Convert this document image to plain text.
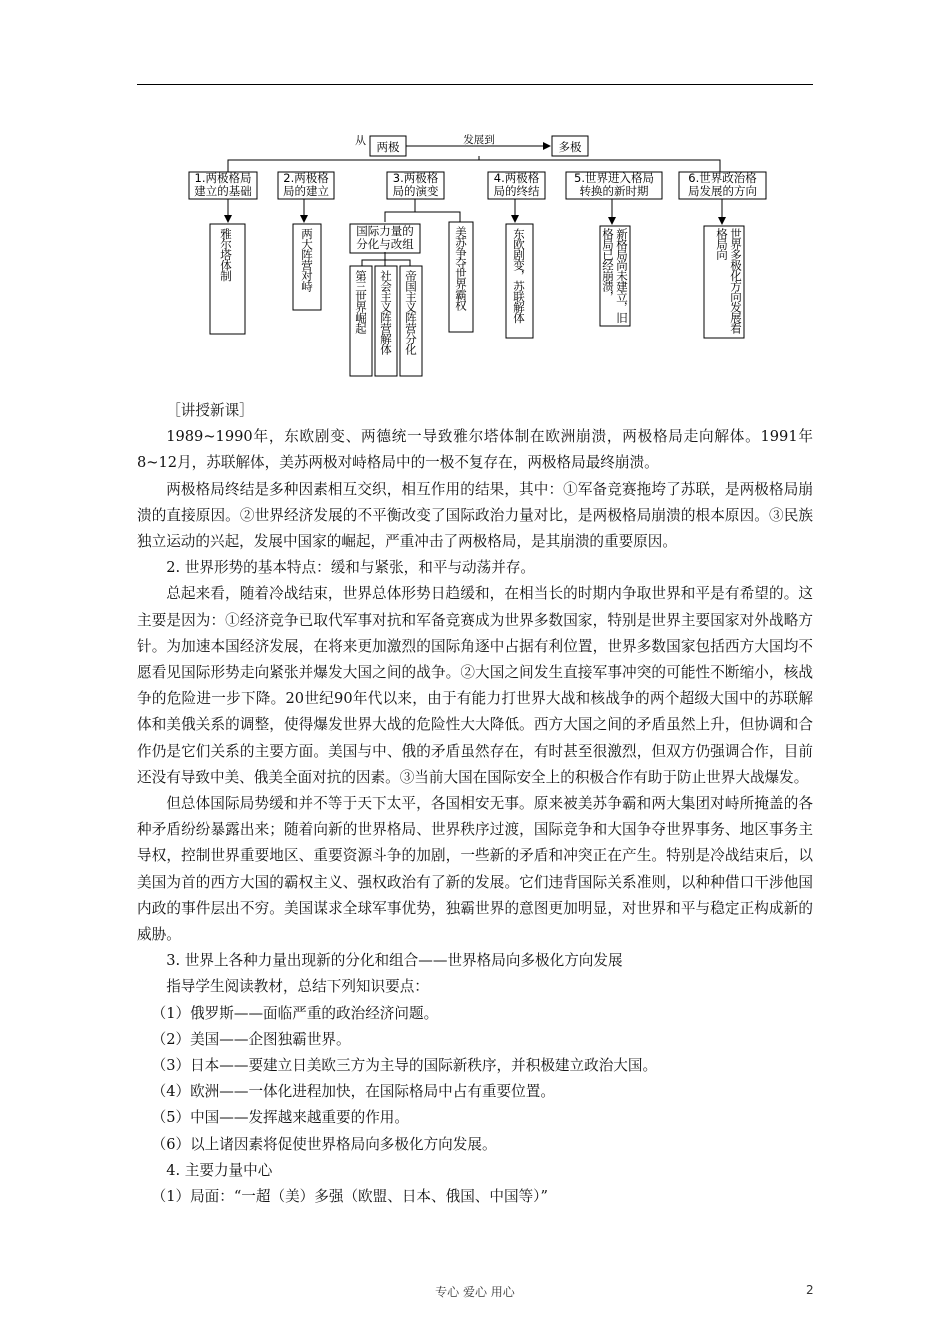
从 两极	发展到	多极
1.两极格局
建立的基础
2.两极格
局的建立
3.两极格
局的演变
4.两极格
局的终结
5.世界进入格局
转换的新时期
6.世界政治格
局发展的方向
雅尔塔体制	两大阵营对峙	国际力量的
分化与改组	美苏争夺世界霸权	东欧剧变，苏联解体	新格局尚未建立，旧格局已经崩溃，	世界多极化方向发展看格局向
第三世界崛起 社会主义阵营解体 帝国主义阵营分化

［讲授新课］

1989~1990年，东欧剧变、两德统一导致雅尔塔体制在欧洲崩溃，两极格局走向解体。1991年8~12月，苏联解体，美苏两极对峙格局中的一极不复存在，两极格局最终崩溃。

两极格局终结是多种因素相互交织，相互作用的结果，其中：①军备竞赛拖垮了苏联，是两极格局崩溃的直接原因。②世界经济发展的不平衡改变了国际政治力量对比，是两极格局崩溃的根本原因。③民族独立运动的兴起，发展中国家的崛起，严重冲击了两极格局，是其崩溃的重要原因。

2. 世界形势的基本特点：缓和与紧张，和平与动荡并存。

总起来看，随着冷战结束，世界总体形势日趋缓和，在相当长的时期内争取世界和平是有希望的。这主要是因为：①经济竞争已取代军事对抗和军备竞赛成为世界多数国家，特别是世界主要国家对外战略方针。为加速本国经济发展，在将来更加激烈的国际角逐中占据有利位置，世界多数国家包括西方大国均不愿看见国际形势走向紧张并爆发大国之间的战争。②大国之间发生直接军事冲突的可能性不断缩小，核战争的危险进一步下降。20世纪90年代以来，由于有能力打世界大战和核战争的两个超级大国中的苏联解体和美俄关系的调整，使得爆发世界大战的危险性大大降低。西方大国之间的矛盾虽然上升，但协调和合作仍是它们关系的主要方面。美国与中、俄的矛盾虽然存在，有时甚至很激烈，但双方仍强调合作，目前还没有导致中美、俄美全面对抗的因素。③当前大国在国际安全上的积极合作有助于防止世界大战爆发。

但总体国际局势缓和并不等于天下太平，各国相安无事。原来被美苏争霸和两大集团对峙所掩盖的各种矛盾纷纷暴露出来；随着向新的世界格局、世界秩序过渡，国际竞争和大国争夺世界事务、地区事务主导权，控制世界重要地区、重要资源斗争的加剧，一些新的矛盾和冲突正在产生。特别是冷战结束后，以美国为首的西方大国的霸权主义、强权政治有了新的发展。它们违背国际关系准则，以种种借口干涉他国内政的事件层出不穷。美国谋求全球军事优势，独霸世界的意图更加明显，对世界和平与稳定正构成新的威胁。

3. 世界上各种力量出现新的分化和组合——世界格局向多极化方向发展

指导学生阅读教材，总结下列知识要点：

（1）俄罗斯——面临严重的政治经济问题。

（2）美国——企图独霸世界。

（3）日本——要建立日美欧三方为主导的国际新秩序，并积极建立政治大国。

（4）欧洲——一体化进程加快，在国际格局中占有重要位置。

（5）中国——发挥越来越重要的作用。

（6）以上诸因素将促使世界格局向多极化方向发展。

4. 主要力量中心

（1）局面：“一超（美）多强（欧盟、日本、俄国、中国等）”

专心 爱心 用心	2
